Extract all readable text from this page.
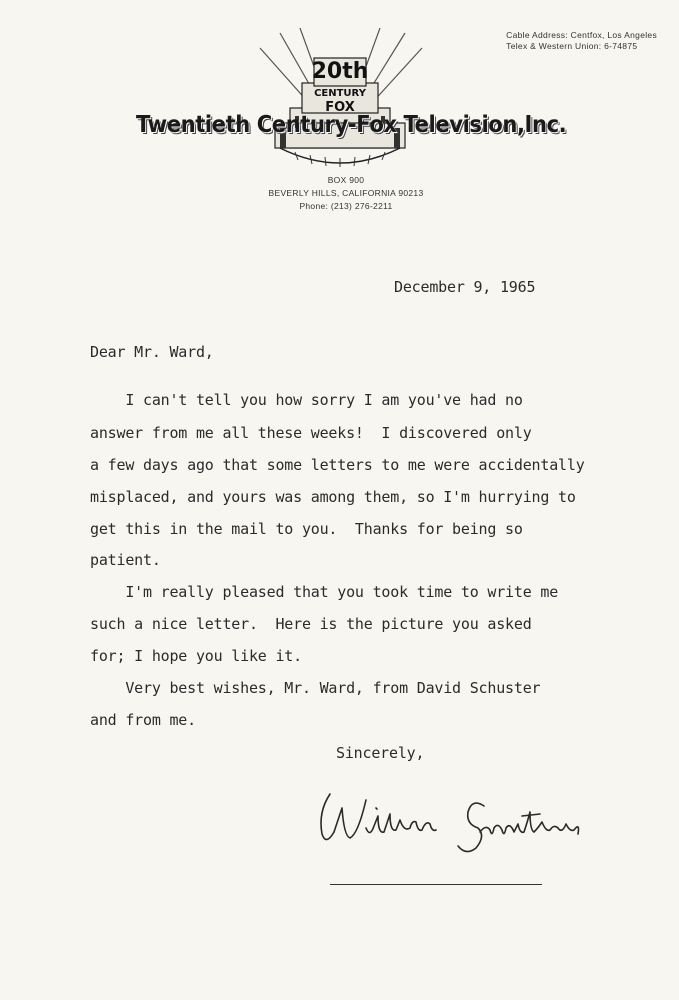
Cable Address: Centfox, Los Angeles
Telex & Western Union: 6-74875
20th
CENTURY
FOX
Twentieth Century-Fox Television,Inc.
BOX 900
BEVERLY HILLS, CALIFORNIA 90213
Phone: (213) 276-2211
December 9, 1965
Dear Mr. Ward,
I can't tell you how sorry I am you've had no
answer from me all these weeks!  I discovered only
a few days ago that some letters to me were accidentally
misplaced, and yours was among them, so I'm hurrying to
get this in the mail to you.  Thanks for being so
patient.
I'm really pleased that you took time to write me
such a nice letter.  Here is the picture you asked
for; I hope you like it.
Very best wishes, Mr. Ward, from David Schuster
and from me.
Sincerely,
